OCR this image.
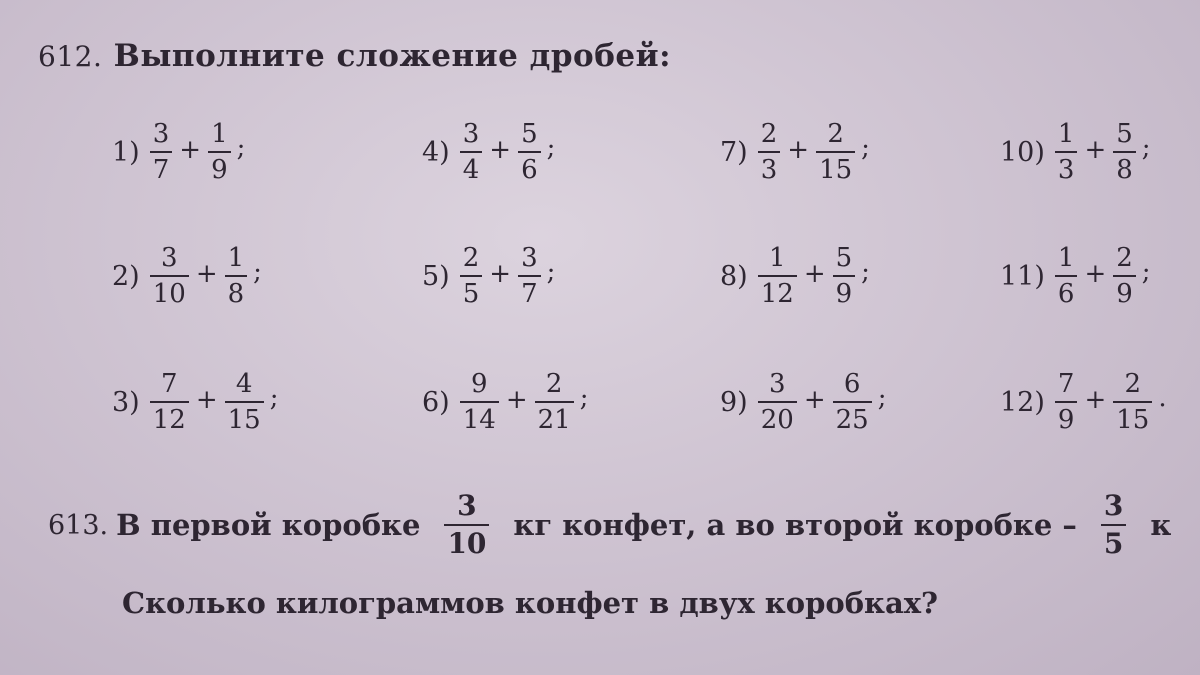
612. Выполните сложение дробей:
$1) \frac{3}{7} + \frac{1}{9}$ ;
$2) \frac{3}{10} + \frac{1}{8}$ ;
$3) \frac{7}{12} + \frac{4}{15}$ ;
$4) \frac{3}{4} + \frac{5}{6}$ ;
$5) \frac{2}{5} + \frac{3}{7}$ ;
$6) \frac{9}{14} + \frac{2}{21}$ ;
$7) \frac{2}{3} + \frac{2}{15}$ ;
$8) \frac{1}{12} + \frac{5}{9}$ ;
$9) \frac{3}{20} + \frac{6}{25}$ ;
$10) \frac{1}{3} + \frac{5}{8}$ ;
$11) \frac{1}{6} + \frac{2}{9}$ ;
$12) \frac{7}{9} + \frac{2}{15}$ .
613. В первой коробке $\frac{3}{10}$ кг конфет, а во второй коробке – $\frac{3}{5}$ к
Сколько килограммов конфет в двух коробках?
